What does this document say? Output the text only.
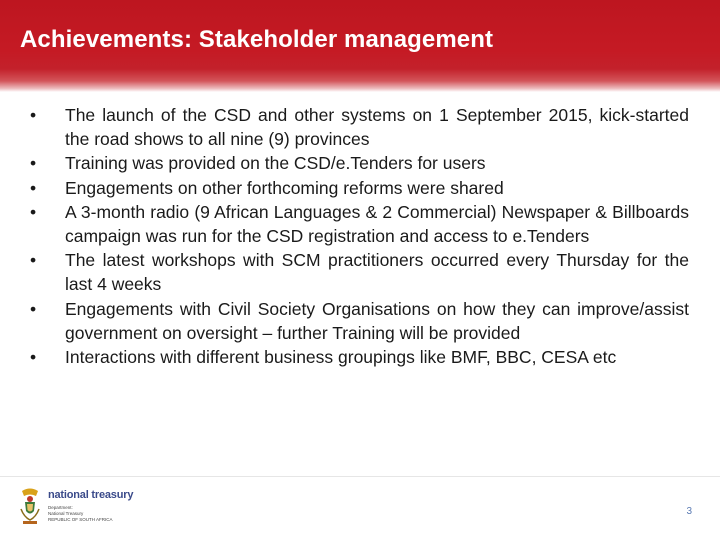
Achievements: Stakeholder management
• The launch of the CSD and other systems on 1 September 2015, kick-started the road shows to all nine (9) provinces
• Training was provided on the CSD/e.Tenders for users
• Engagements on other forthcoming reforms were shared
• A 3-month radio (9 African Languages & 2 Commercial) Newspaper & Billboards campaign was run for the CSD registration and access to e.Tenders
• The latest workshops with SCM practitioners occurred every Thursday for the last 4 weeks
• Engagements with Civil Society Organisations on how they can improve/assist government on oversight – further Training will be provided
• Interactions with different business groupings like BMF, BBC, CESA etc
national treasury
Department:
National Treasury
REPUBLIC OF SOUTH AFRICA
3
